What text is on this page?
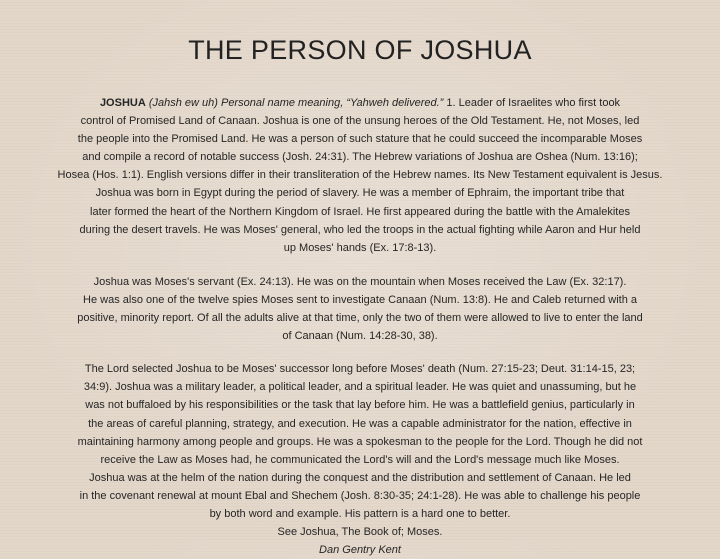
THE PERSON OF JOSHUA
JOSHUA (Jahsh ew uh) Personal name meaning, “Yahweh delivered.” 1. Leader of Israelites who first took
control of Promised Land of Canaan. Joshua is one of the unsung heroes of the Old Testament. He, not Moses, led
the people into the Promised Land. He was a person of such stature that he could succeed the incomparable Moses
and compile a record of notable success (Josh. 24:31). The Hebrew variations of Joshua are Oshea (Num. 13:16);
Hosea (Hos. 1:1). English versions differ in their transliteration of the Hebrew names. Its New Testament equivalent is Jesus.
Joshua was born in Egypt during the period of slavery. He was a member of Ephraim, the important tribe that
later formed the heart of the Northern Kingdom of Israel. He first appeared during the battle with the Amalekites
during the desert travels. He was Moses' general, who led the troops in the actual fighting while Aaron and Hur held
up Moses' hands (Ex. 17:8-13).
Joshua was Moses's servant (Ex. 24:13). He was on the mountain when Moses received the Law (Ex. 32:17).
He was also one of the twelve spies Moses sent to investigate Canaan (Num. 13:8). He and Caleb returned with a
positive, minority report. Of all the adults alive at that time, only the two of them were allowed to live to enter the land
of Canaan (Num. 14:28-30, 38).
The Lord selected Joshua to be Moses' successor long before Moses' death (Num. 27:15-23; Deut. 31:14-15, 23;
34:9). Joshua was a military leader, a political leader, and a spiritual leader. He was quiet and unassuming, but he
was not buffaloed by his responsibilities or the task that lay before him. He was a battlefield genius, particularly in
the areas of careful planning, strategy, and execution. He was a capable administrator for the nation, effective in
maintaining harmony among people and groups. He was a spokesman to the people for the Lord. Though he did not
receive the Law as Moses had, he communicated the Lord's will and the Lord's message much like Moses.
Joshua was at the helm of the nation during the conquest and the distribution and settlement of Canaan. He led
in the covenant renewal at mount Ebal and Shechem (Josh. 8:30-35; 24:1-28). He was able to challenge his people
by both word and example. His pattern is a hard one to better.
See Joshua, The Book of; Moses.
Dan Gentry Kent
